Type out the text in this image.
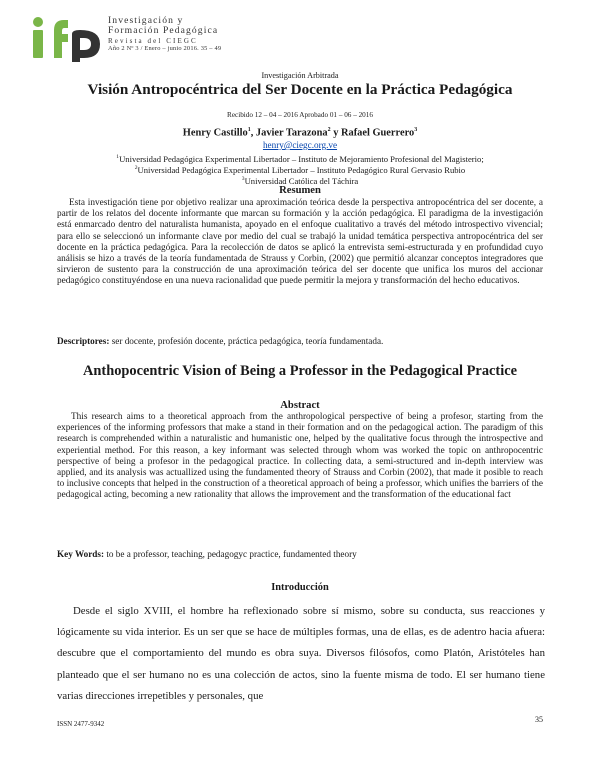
Investigación y
Formación Pedagógica
Revista del CIEGC
Año 2 Nº 3 / Enero – junio 2016. 35 – 49
Investigación Arbitrada
Visión Antropocéntrica del Ser Docente en la Práctica Pedagógica
Recibido 12 – 04 – 2016 Aprobado 01 – 06 – 2016
Henry Castillo$^1$, Javier Tarazona$^2$ y Rafael Guerrero$^3$
henry@ciegc.org.ve
$^1$Universidad Pedagógica Experimental Libertador – Instituto de Mejoramiento Profesional del Magisterio;
$^2$Universidad Pedagógica Experimental Libertador – Instituto Pedagógico Rural Gervasio Rubio
$^3$Universidad Católica del Táchira
Resumen

Esta investigación tiene por objetivo realizar una aproximación teórica desde la perspectiva antropocéntrica del ser docente, a partir de los relatos del docente informante que marcan su formación y la acción pedagógica. El paradigma de la investigación está enmarcado dentro del naturalista humanista, apoyado en el enfoque cualitativo a través del método introspectivo vivencial; para ello se seleccionó un informante clave por medio del cual se trabajó la unidad temática perspectiva antropocéntrica del ser docente en la práctica pedagógica. Para la recolección de datos se aplicó la entrevista semi-estructurada y en profundidad cuyo análisis se hizo a través de la teoría fundamentada de Strauss y Corbin, (2002) que permitió alcanzar conceptos integradores que sirvieron de sustento para la construcción de una aproximación teórica del ser docente que unifica los muros del accionar pedagógico constituyéndose en una nueva racionalidad que puede permitir la mejora y transformación del hecho educativos.

Descriptores: ser docente, profesión docente, práctica pedagógica, teoría fundamentada.
Anthopocentric Vision of Being a Professor in the Pedagogical Practice
Abstract

This research aims to a theoretical approach from the anthropological perspective of being a profesor, starting from the experiences of the informing professors that make a stand in their formation and on the pedagogical action. The paradigm of this research is comprehended within a naturalistic and humanistic one, helped by the qualitative focus through the introspective and experiential method. For this reason, a key informant was selected through whom was worked the topic on anthropocentric perspective of being a profesor in the pedagogical practice. In collecting data, a semi-structured and in-depth interview was applied, and its analysis was actuallized using the fundamented theory of Strauss and Corbin (2002), that made it posible to reach to inclusive concepts that helped in the construction of a theoretical approach of being a professor, which unifies the barriers of the pedagogical acting, becoming a new rationality that allows the improvement and the transformation of the educational fact

Key Words: to be a professor, teaching, pedagogyc practice, fundamented theory
Introducción

Desde el siglo XVIII, el hombre ha reflexionado sobre sí mismo, sobre su conducta, sus reacciones y lógicamente su vida interior. Es un ser que se hace de múltiples formas, una de ellas, es de adentro hacia afuera: descubre que el comportamiento del mundo es obra suya. Diversos filósofos, como Platón, Aristóteles han planteado que el ser humano no es una colección de actos, sino la fuente misma de todo. El ser humano tiene varias direcciones irrepetibles y personales, que

ISSN 2477-9342	35
